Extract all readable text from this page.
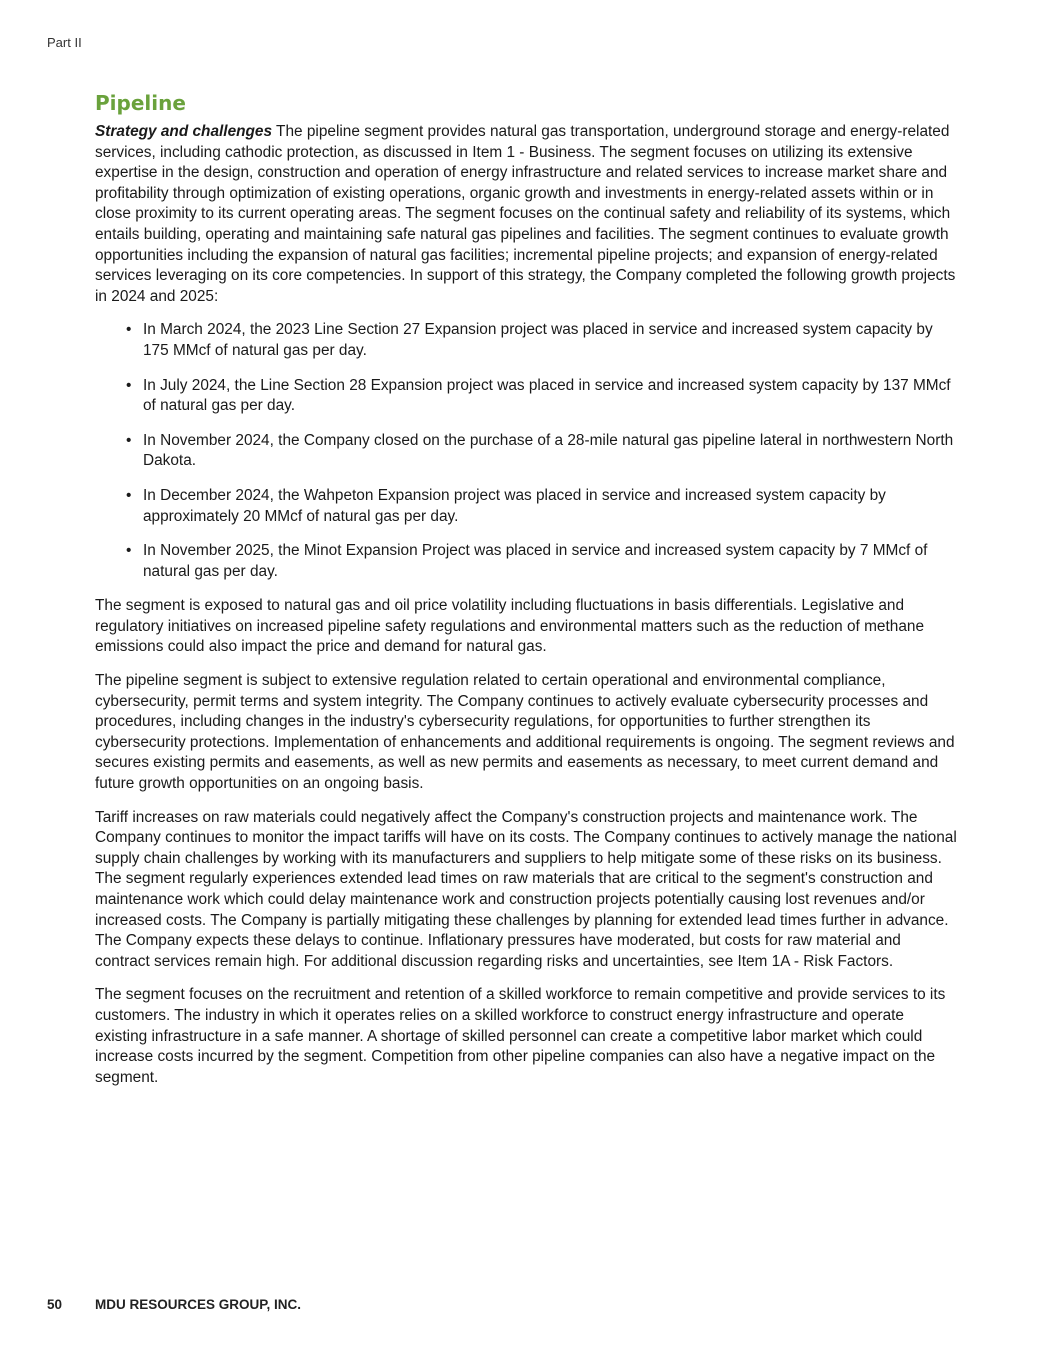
Part II
Pipeline

Strategy and challenges The pipeline segment provides natural gas transportation, underground storage and energy-related services, including cathodic protection, as discussed in Item 1 - Business. The segment focuses on utilizing its extensive expertise in the design, construction and operation of energy infrastructure and related services to increase market share and profitability through optimization of existing operations, organic growth and investments in energy-related assets within or in close proximity to its current operating areas. The segment focuses on the continual safety and reliability of its systems, which entails building, operating and maintaining safe natural gas pipelines and facilities. The segment continues to evaluate growth opportunities including the expansion of natural gas facilities; incremental pipeline projects; and expansion of energy-related services leveraging on its core competencies. In support of this strategy, the Company completed the following growth projects in 2024 and 2025:

• In March 2024, the 2023 Line Section 27 Expansion project was placed in service and increased system capacity by 175 MMcf of natural gas per day.
• In July 2024, the Line Section 28 Expansion project was placed in service and increased system capacity by 137 MMcf of natural gas per day.
• In November 2024, the Company closed on the purchase of a 28-mile natural gas pipeline lateral in northwestern North Dakota.
• In December 2024, the Wahpeton Expansion project was placed in service and increased system capacity by approximately 20 MMcf of natural gas per day.
• In November 2025, the Minot Expansion Project was placed in service and increased system capacity by 7 MMcf of natural gas per day.

The segment is exposed to natural gas and oil price volatility including fluctuations in basis differentials. Legislative and regulatory initiatives on increased pipeline safety regulations and environmental matters such as the reduction of methane emissions could also impact the price and demand for natural gas.

The pipeline segment is subject to extensive regulation related to certain operational and environmental compliance, cybersecurity, permit terms and system integrity. The Company continues to actively evaluate cybersecurity processes and procedures, including changes in the industry's cybersecurity regulations, for opportunities to further strengthen its cybersecurity protections. Implementation of enhancements and additional requirements is ongoing. The segment reviews and secures existing permits and easements, as well as new permits and easements as necessary, to meet current demand and future growth opportunities on an ongoing basis.

Tariff increases on raw materials could negatively affect the Company's construction projects and maintenance work. The Company continues to monitor the impact tariffs will have on its costs. The Company continues to actively manage the national supply chain challenges by working with its manufacturers and suppliers to help mitigate some of these risks on its business. The segment regularly experiences extended lead times on raw materials that are critical to the segment's construction and maintenance work which could delay maintenance work and construction projects potentially causing lost revenues and/or increased costs. The Company is partially mitigating these challenges by planning for extended lead times further in advance. The Company expects these delays to continue. Inflationary pressures have moderated, but costs for raw material and contract services remain high. For additional discussion regarding risks and uncertainties, see Item 1A - Risk Factors.

The segment focuses on the recruitment and retention of a skilled workforce to remain competitive and provide services to its customers. The industry in which it operates relies on a skilled workforce to construct energy infrastructure and operate existing infrastructure in a safe manner. A shortage of skilled personnel can create a competitive labor market which could increase costs incurred by the segment. Competition from other pipeline companies can also have a negative impact on the segment.

50 MDU RESOURCES GROUP, INC.
